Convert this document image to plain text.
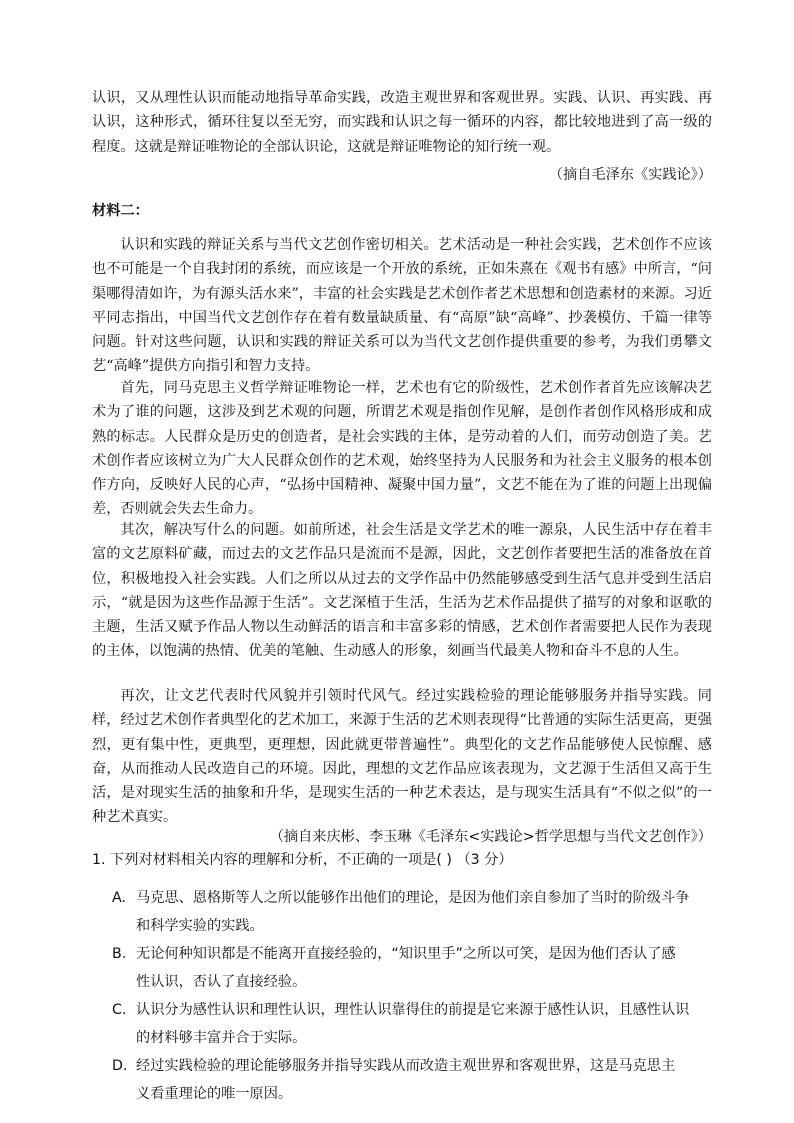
认识，又从理性认识而能动地指导革命实践，改造主观世界和客观世界。实践、认识、再实践、再认识，这种形式，循环往复以至无穷，而实践和认识之每一循环的内容，都比较地进到了高一级的程度。这就是辩证唯物论的全部认识论，这就是辩证唯物论的知行统一观。

（摘自毛泽东《实践论》）

材料二：

认识和实践的辩证关系与当代文艺创作密切相关。艺术活动是一种社会实践，艺术创作不应该也不可能是一个自我封闭的系统，而应该是一个开放的系统，正如朱熹在《观书有感》中所言，“问渠哪得清如许，为有源头活水来”，丰富的社会实践是艺术创作者艺术思想和创造素材的来源。习近平同志指出，中国当代文艺创作存在着有数量缺质量、有“高原”缺“高峰”、抄袭模仿、千篇一律等问题。针对这些问题，认识和实践的辩证关系可以为当代文艺创作提供重要的参考，为我们勇攀文艺“高峰”提供方向指引和智力支持。

首先，同马克思主义哲学辩证唯物论一样，艺术也有它的阶级性，艺术创作者首先应该解决艺术为了谁的问题，这涉及到艺术观的问题，所谓艺术观是指创作见解，是创作者创作风格形成和成熟的标志。人民群众是历史的创造者，是社会实践的主体，是劳动着的人们，而劳动创造了美。艺术创作者应该树立为广大人民群众创作的艺术观，始终坚持为人民服务和为社会主义服务的根本创作方向，反映好人民的心声，“弘扬中国精神、凝聚中国力量”，文艺不能在为了谁的问题上出现偏差，否则就会失去生命力。

其次，解决写什么的问题。如前所述，社会生活是文学艺术的唯一源泉，人民生活中存在着丰富的文艺原料矿藏，而过去的文艺作品只是流而不是源，因此，文艺创作者要把生活的准备放在首位，积极地投入社会实践。人们之所以从过去的文学作品中仍然能够感受到生活气息并受到生活启示，“就是因为这些作品源于生活”。文艺深植于生活，生活为艺术作品提供了描写的对象和讴歌的主题，生活又赋予作品人物以生动鲜活的语言和丰富多彩的情感，艺术创作者需要把人民作为表现的主体，以饱满的热情、优美的笔触、生动感人的形象，刻画当代最美人物和奋斗不息的人生。

再次，让文艺代表时代风貌并引领时代风气。经过实践检验的理论能够服务并指导实践。同样，经过艺术创作者典型化的艺术加工，来源于生活的艺术则表现得“比普通的实际生活更高，更强烈，更有集中性，更典型，更理想，因此就更带普遍性”。典型化的文艺作品能够使人民惊醒、感奋，从而推动人民改造自己的环境。因此，理想的文艺作品应该表现为，文艺源于生活但又高于生活，是对现实生活的抽象和升华，是现实生活的一种艺术表达，是与现实生活具有“不似之似”的一种艺术真实。

（摘自来庆彬、李玉琳《毛泽东<实践论>哲学思想与当代文艺创作》）

1. 下列对材料相关内容的理解和分析，不正确的一项是( ) （3 分）

A. 马克思、恩格斯等人之所以能够作出他们的理论，是因为他们亲自参加了当时的阶级斗争
和科学实验的实践。
B. 无论何种知识都是不能离开直接经验的，“知识里手”之所以可笑，是因为他们否认了感
性认识，否认了直接经验。
C. 认识分为感性认识和理性认识，理性认识靠得住的前提是它来源于感性认识，且感性认识
的材料够丰富并合于实际。
D. 经过实践检验的理论能够服务并指导实践从而改造主观世界和客观世界，这是马克思主
义看重理论的唯一原因。
